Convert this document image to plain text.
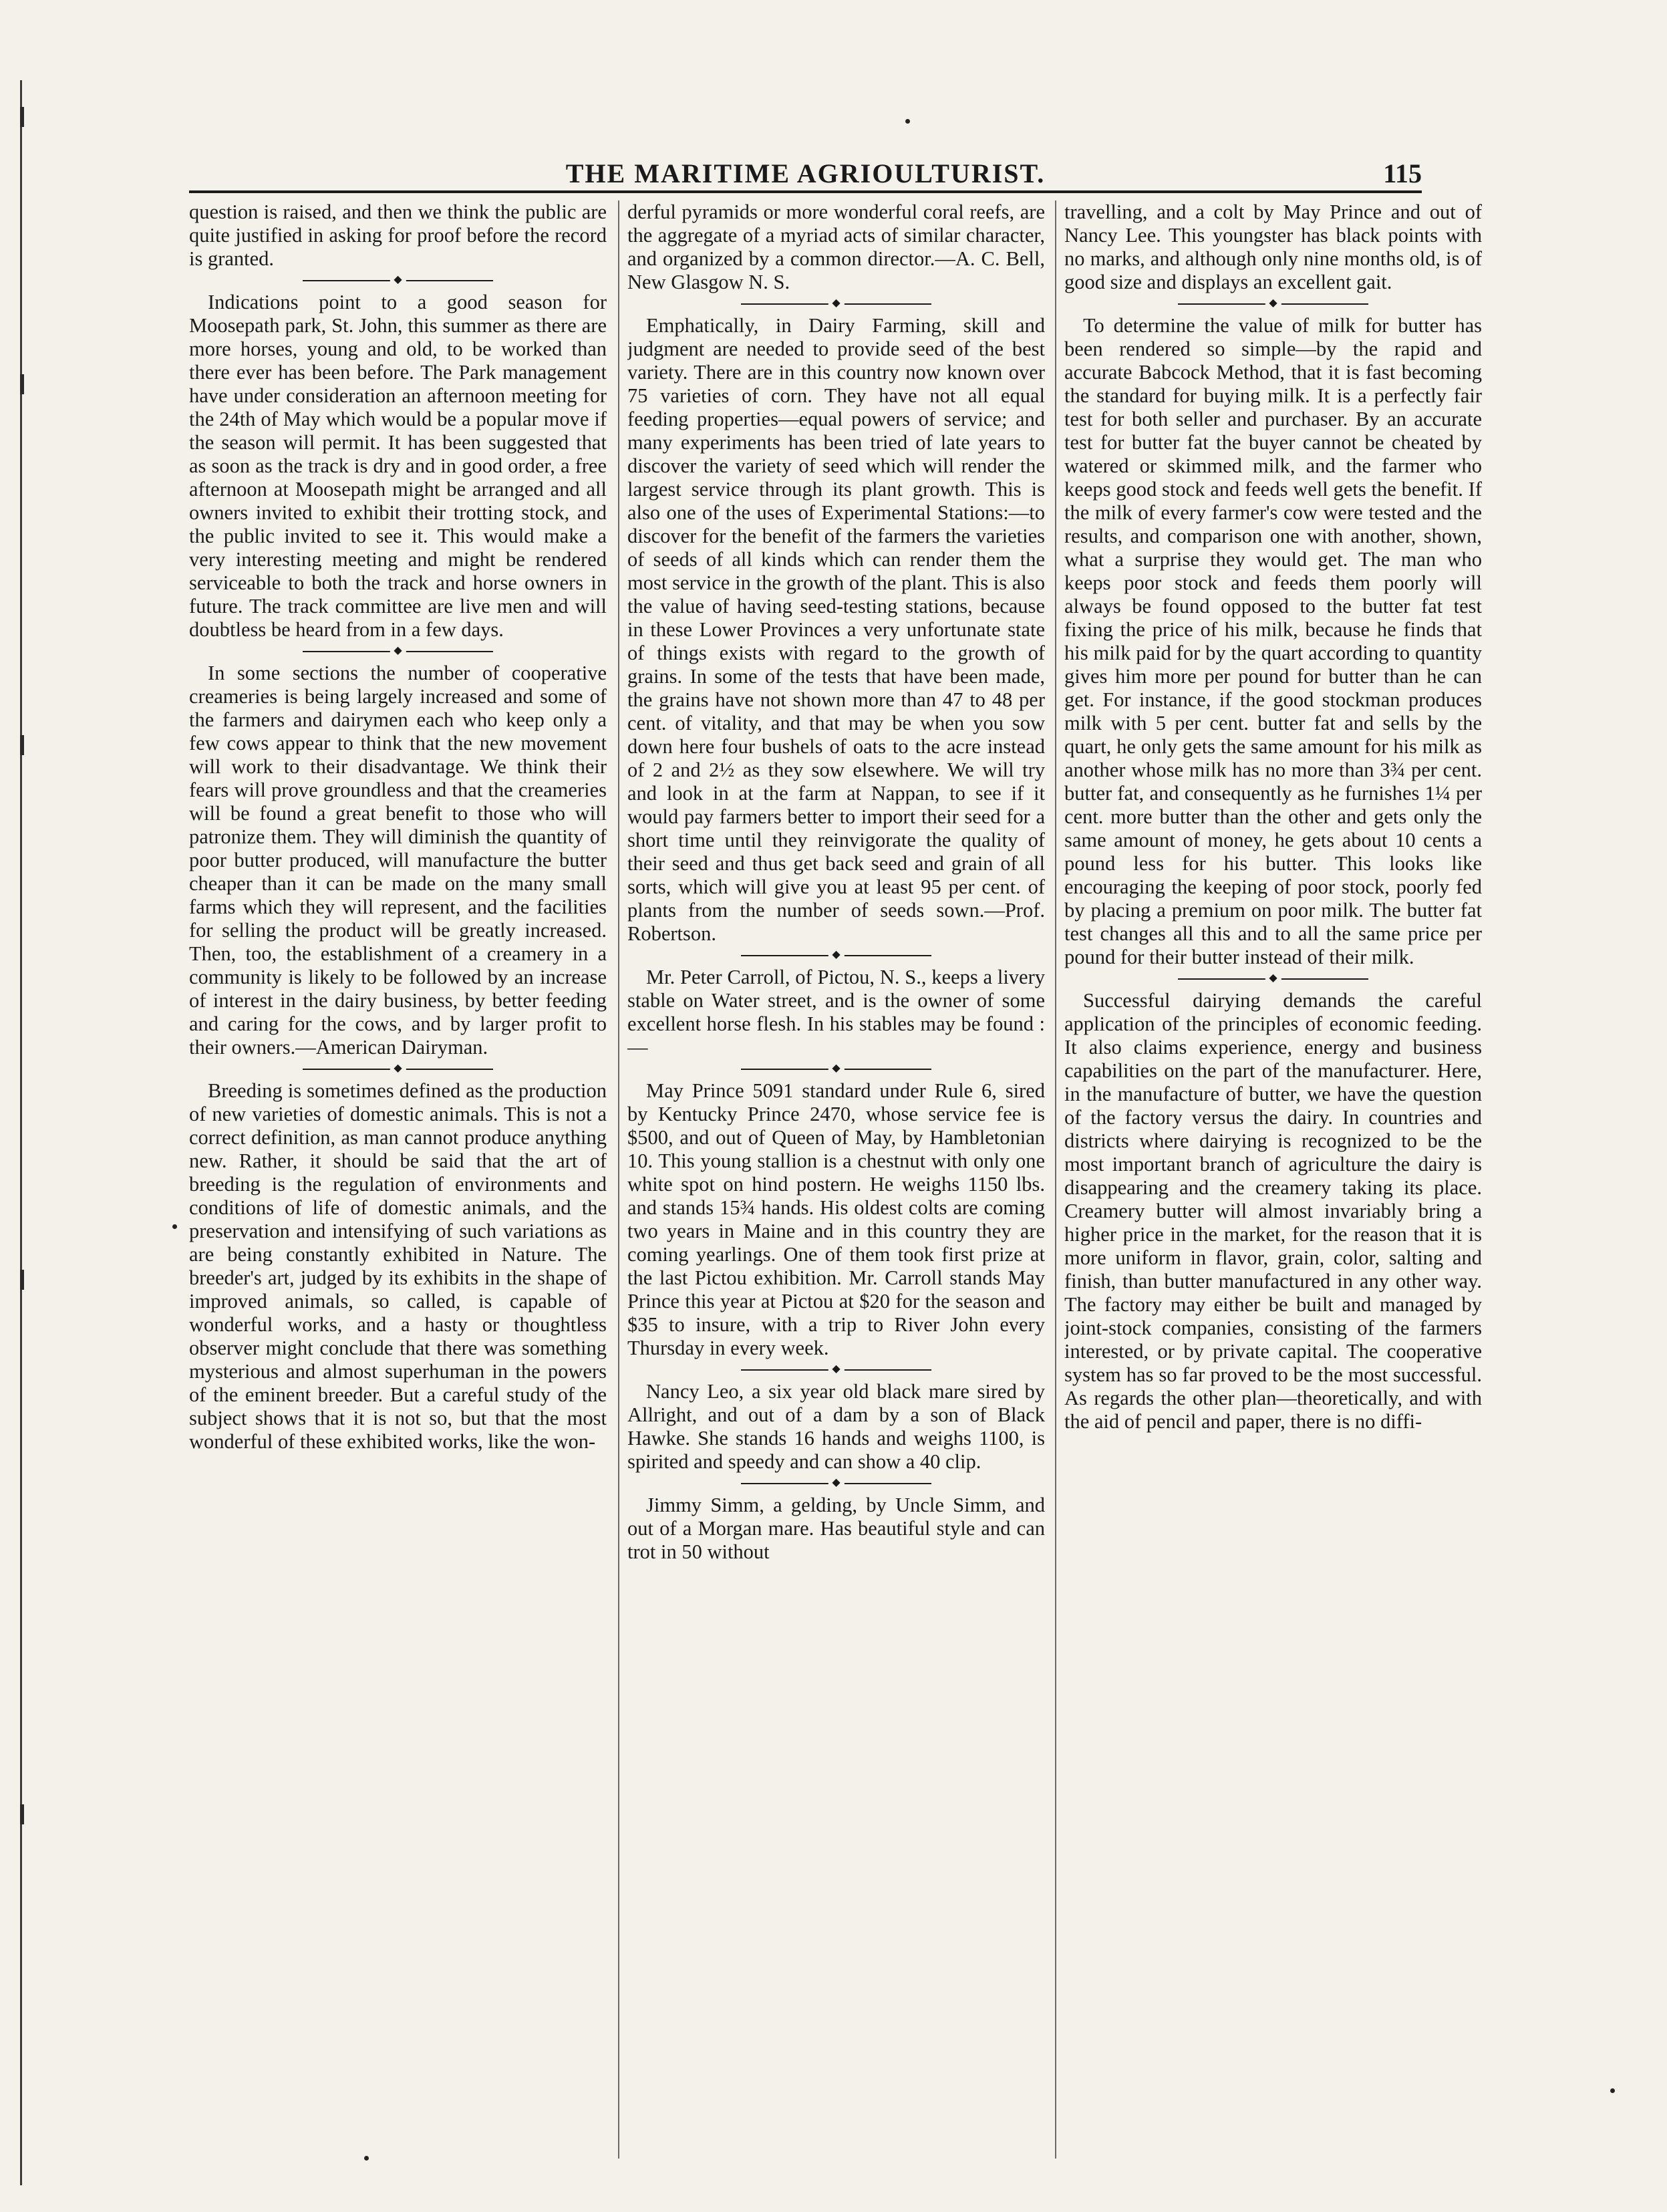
THE MARITIME AGRIOULTURIST.	115

question is raised, and then we think the public are quite justified in asking for proof before the record is granted.

◆

Indications point to a good season for Moosepath park, St. John, this summer as there are more horses, young and old, to be worked than there ever has been before. The Park management have under consideration an afternoon meeting for the 24th of May which would be a popular move if the season will permit. It has been suggested that as soon as the track is dry and in good order, a free afternoon at Moosepath might be arranged and all owners invited to exhibit their trotting stock, and the public invited to see it. This would make a very interesting meeting and might be rendered serviceable to both the track and horse owners in future. The track committee are live men and will doubtless be heard from in a few days.

◆

In some sections the number of cooperative creameries is being largely increased and some of the farmers and dairymen each who keep only a few cows appear to think that the new movement will work to their disadvantage. We think their fears will prove groundless and that the creameries will be found a great benefit to those who will patronize them. They will diminish the quantity of poor butter produced, will manufacture the butter cheaper than it can be made on the many small farms which they will represent, and the facilities for selling the product will be greatly increased. Then, too, the establishment of a creamery in a community is likely to be followed by an increase of interest in the dairy business, by better feeding and caring for the cows, and by larger profit to their owners.—American Dairyman.

◆

Breeding is sometimes defined as the production of new varieties of domestic animals. This is not a correct definition, as man cannot produce anything new. Rather, it should be said that the art of breeding is the regulation of environments and conditions of life of domestic animals, and the preservation and intensifying of such variations as are being constantly exhibited in Nature. The breeder's art, judged by its exhibits in the shape of improved animals, so called, is capable of wonderful works, and a hasty or thoughtless observer might conclude that there was something mysterious and almost superhuman in the powers of the eminent breeder. But a careful study of the subject shows that it is not so, but that the most wonderful of these exhibited works, like the won-

derful pyramids or more wonderful coral reefs, are the aggregate of a myriad acts of similar character, and organized by a common director.—A. C. Bell, New Glasgow N. S.

◆

Emphatically, in Dairy Farming, skill and judgment are needed to provide seed of the best variety. There are in this country now known over 75 varieties of corn. They have not all equal feeding properties—equal powers of service; and many experiments has been tried of late years to discover the variety of seed which will render the largest service through its plant growth. This is also one of the uses of Experimental Stations:—to discover for the benefit of the farmers the varieties of seeds of all kinds which can render them the most service in the growth of the plant. This is also the value of having seed-testing stations, because in these Lower Provinces a very unfortunate state of things exists with regard to the growth of grains. In some of the tests that have been made, the grains have not shown more than 47 to 48 per cent. of vitality, and that may be when you sow down here four bushels of oats to the acre instead of 2 and 2½ as they sow elsewhere. We will try and look in at the farm at Nappan, to see if it would pay farmers better to import their seed for a short time until they reinvigorate the quality of their seed and thus get back seed and grain of all sorts, which will give you at least 95 per cent. of plants from the number of seeds sown.—Prof. Robertson.

◆

Mr. Peter Carroll, of Pictou, N. S., keeps a livery stable on Water street, and is the owner of some excellent horse flesh. In his stables may be found :—

◆

May Prince 5091 standard under Rule 6, sired by Kentucky Prince 2470, whose service fee is $500, and out of Queen of May, by Hambletonian 10. This young stallion is a chestnut with only one white spot on hind postern. He weighs 1150 lbs. and stands 15¾ hands. His oldest colts are coming two years in Maine and in this country they are coming yearlings. One of them took first prize at the last Pictou exhibition. Mr. Carroll stands May Prince this year at Pictou at $20 for the season and $35 to insure, with a trip to River John every Thursday in every week.

◆

Nancy Leo, a six year old black mare sired by Allright, and out of a dam by a son of Black Hawke. She stands 16 hands and weighs 1100, is spirited and speedy and can show a 40 clip.

◆

Jimmy Simm, a gelding, by Uncle Simm, and out of a Morgan mare. Has beautiful style and can trot in 50 without

travelling, and a colt by May Prince and out of Nancy Lee. This youngster has black points with no marks, and although only nine months old, is of good size and displays an excellent gait.

◆

To determine the value of milk for butter has been rendered so simple—by the rapid and accurate Babcock Method, that it is fast becoming the standard for buying milk. It is a perfectly fair test for both seller and purchaser. By an accurate test for butter fat the buyer cannot be cheated by watered or skimmed milk, and the farmer who keeps good stock and feeds well gets the benefit. If the milk of every farmer's cow were tested and the results, and comparison one with another, shown, what a surprise they would get. The man who keeps poor stock and feeds them poorly will always be found opposed to the butter fat test fixing the price of his milk, because he finds that his milk paid for by the quart according to quantity gives him more per pound for butter than he can get. For instance, if the good stockman produces milk with 5 per cent. butter fat and sells by the quart, he only gets the same amount for his milk as another whose milk has no more than 3¾ per cent. butter fat, and consequently as he furnishes 1¼ per cent. more butter than the other and gets only the same amount of money, he gets about 10 cents a pound less for his butter. This looks like encouraging the keeping of poor stock, poorly fed by placing a premium on poor milk. The butter fat test changes all this and to all the same price per pound for their butter instead of their milk.

◆

Successful dairying demands the careful application of the principles of economic feeding. It also claims experience, energy and business capabilities on the part of the manufacturer. Here, in the manufacture of butter, we have the question of the factory versus the dairy. In countries and districts where dairying is recognized to be the most important branch of agriculture the dairy is disappearing and the creamery taking its place. Creamery butter will almost invariably bring a higher price in the market, for the reason that it is more uniform in flavor, grain, color, salting and finish, than butter manufactured in any other way. The factory may either be built and managed by joint-stock companies, consisting of the farmers interested, or by private capital. The cooperative system has so far proved to be the most successful. As regards the other plan—theoretically, and with the aid of pencil and paper, there is no diffi-
